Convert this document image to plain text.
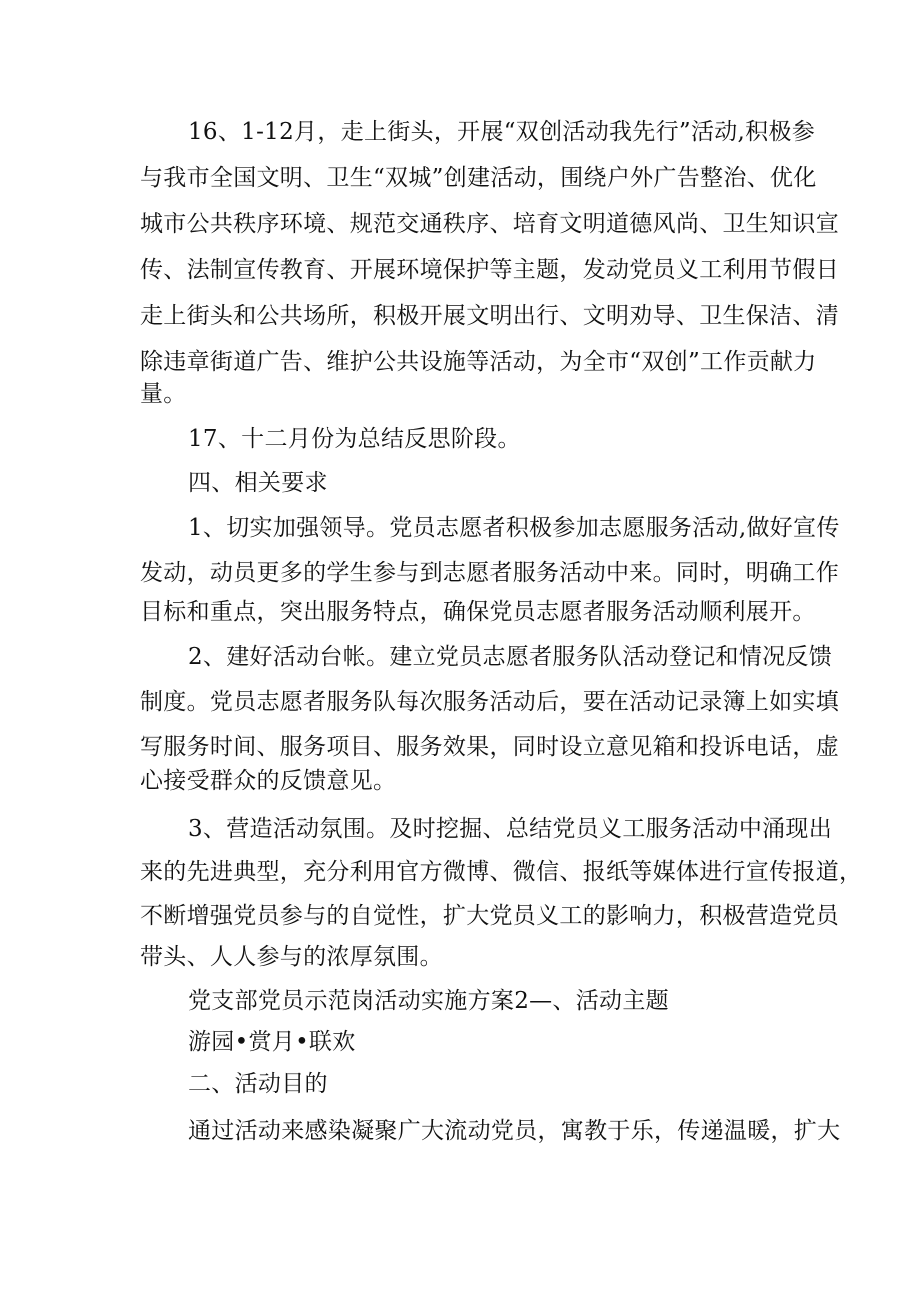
16、1-12月，走上街头，开展“双创活动我先行”活动,积极参
与我市全国文明、卫生“双城”创建活动，围绕户外广告整治、优化
城市公共秩序环境、规范交通秩序、培育文明道德风尚、卫生知识宣
传、法制宣传教育、开展环境保护等主题，发动党员义工利用节假日
走上街头和公共场所，积极开展文明出行、文明劝导、卫生保洁、清
除违章街道广告、维护公共设施等活动，为全市“双创”工作贡献力
量。
17、十二月份为总结反思阶段。
四、相关要求
1、切实加强领导。党员志愿者积极参加志愿服务活动,做好宣传
发动，动员更多的学生参与到志愿者服务活动中来。同时，明确工作
目标和重点，突出服务特点，确保党员志愿者服务活动顺利展开。
2、建好活动台帐。建立党员志愿者服务队活动登记和情况反馈
制度。党员志愿者服务队每次服务活动后，要在活动记录簿上如实填
写服务时间、服务项目、服务效果，同时设立意见箱和投诉电话，虚
心接受群众的反馈意见。
3、营造活动氛围。及时挖掘、总结党员义工服务活动中涌现出
来的先进典型，充分利用官方微博、微信、报纸等媒体进行宣传报道，
不断增强党员参与的自觉性，扩大党员义工的影响力，积极营造党员
带头、人人参与的浓厚氛围。
党支部党员示范岗活动实施方案2—、活动主题
游园•赏月•联欢
二、活动目的
通过活动来感染凝聚广大流动党员，寓教于乐，传递温暖，扩大
